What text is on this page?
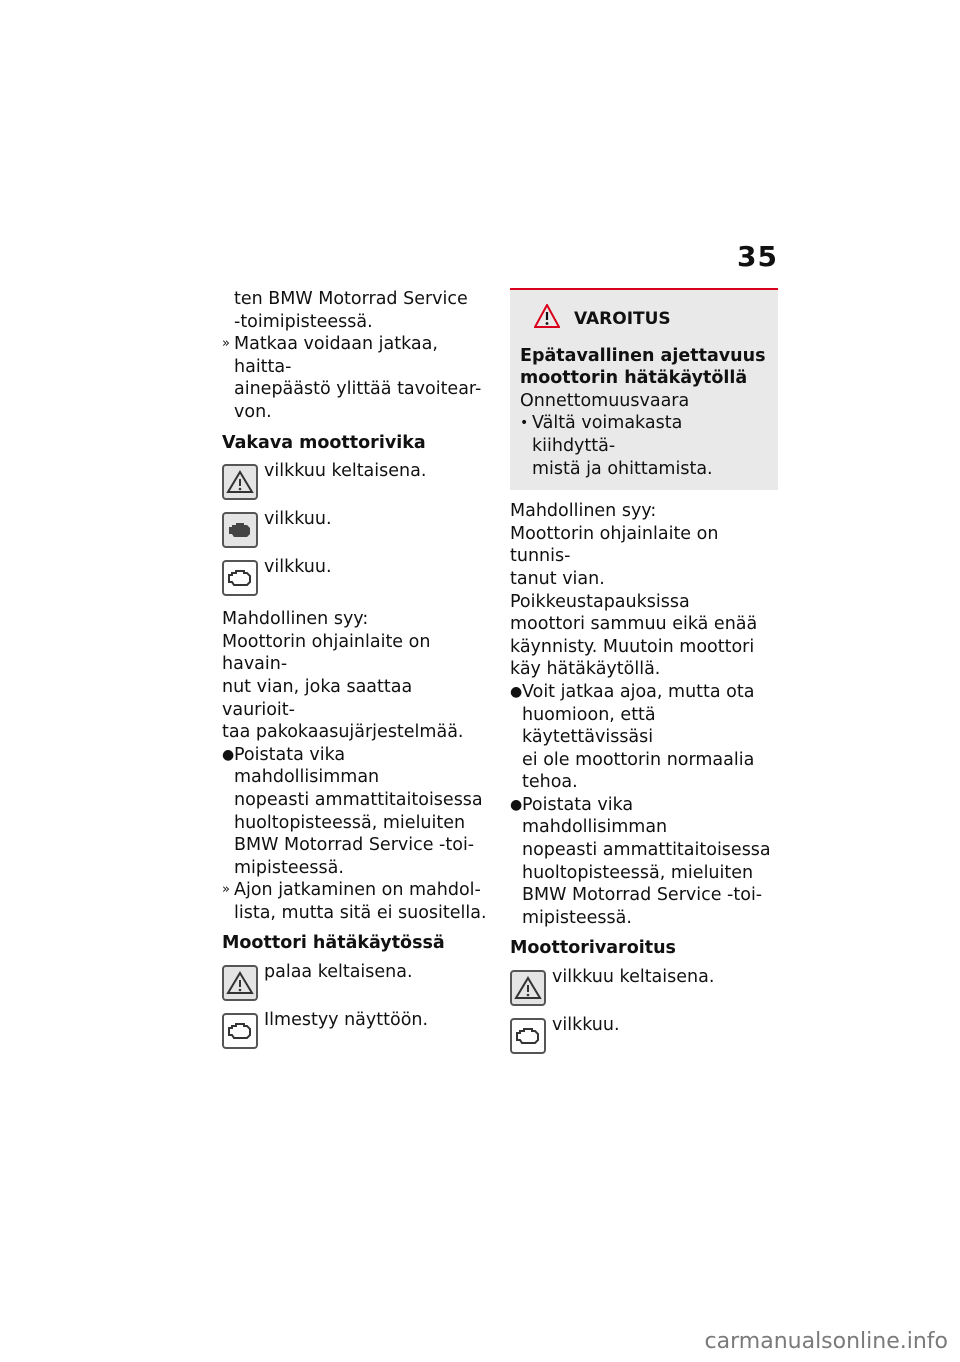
35
ten BMW Motorrad Service
-toimipisteessä.
» Matkaa voidaan jatkaa, haitta-
ainepäästö ylittää tavoitear-
von.
Vakava moottorivika
vilkkuu keltaisena.
vilkkuu.
vilkkuu.
Mahdollinen syy:
Moottorin ohjainlaite on havain-
nut vian, joka saattaa vaurioit-
taa pakokaasujärjestelmää.
● Poistata vika mahdollisimman
nopeasti ammattitaitoisessa
huoltopisteessä, mieluiten
BMW Motorrad Service -toi-
mipisteessä.
» Ajon jatkaminen on mahdol-
lista, mutta sitä ei suositella.
Moottori hätäkäytössä
palaa keltaisena.
Ilmestyy näyttöön.
VAROITUS
Epätavallinen ajettavuus
moottorin hätäkäytöllä
Onnettomuusvaara
• Vältä voimakasta kiihdyttä-
mistä ja ohittamista.
Mahdollinen syy:
Moottorin ohjainlaite on tunnis-
tanut vian. Poikkeustapauksissa
moottori sammuu eikä enää
käynnisty. Muutoin moottori
käy hätäkäytöllä.
● Voit jatkaa ajoa, mutta ota
huomioon, että käytettävissäsi
ei ole moottorin normaalia
tehoa.
● Poistata vika mahdollisimman
nopeasti ammattitaitoisessa
huoltopisteessä, mieluiten
BMW Motorrad Service -toi-
mipisteessä.
Moottorivaroitus
vilkkuu keltaisena.
vilkkuu.
carmanualsonline.info
